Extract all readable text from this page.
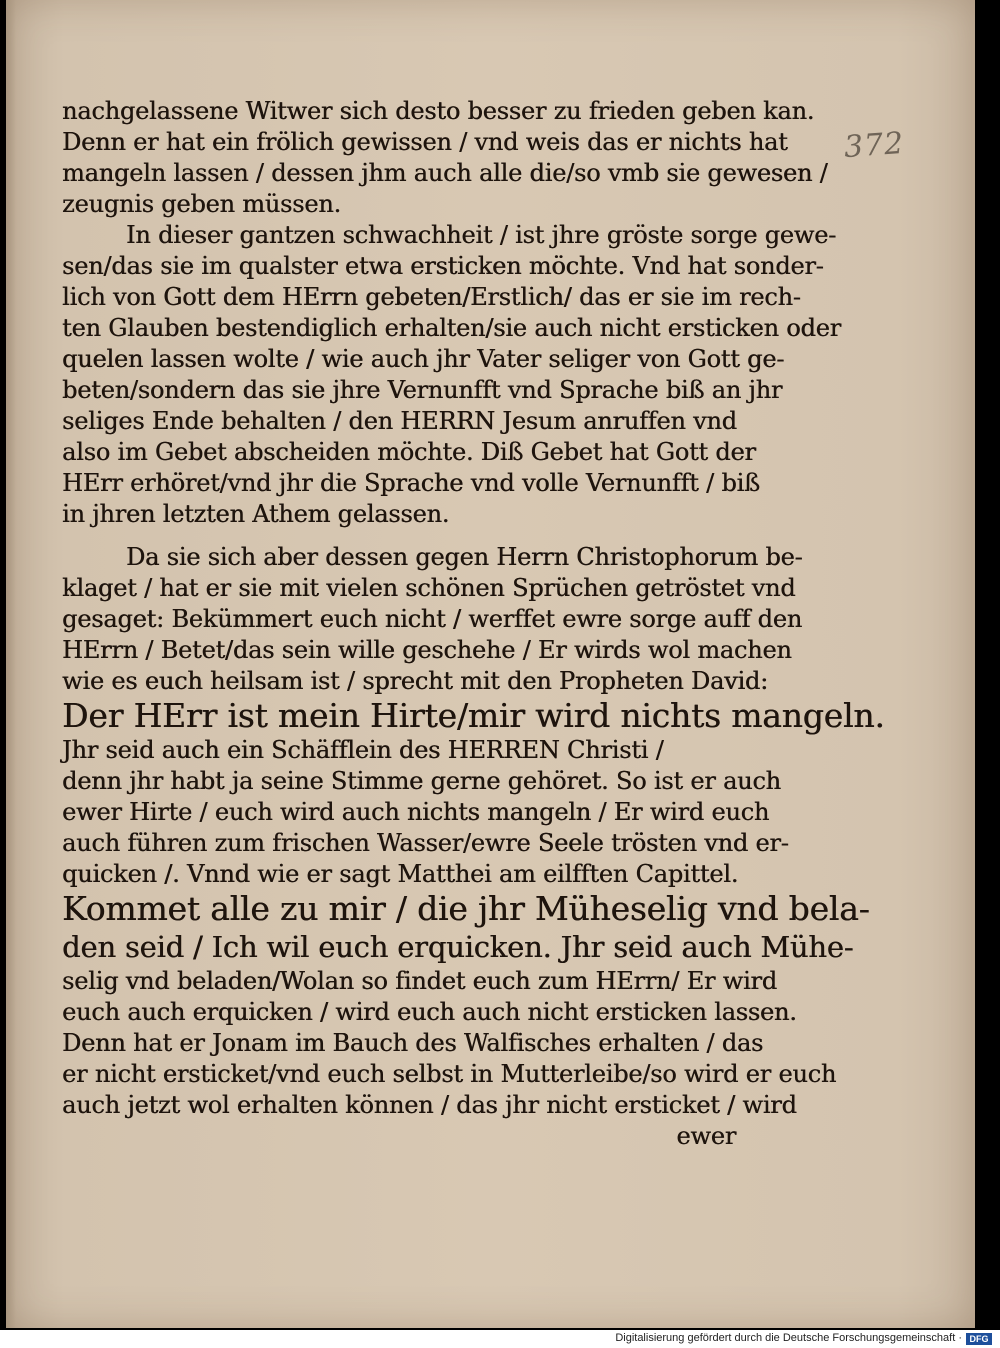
372
nachgelassene Witwer sich desto besser zu frieden geben kan.
Denn er hat ein frölich gewissen / vnd weis das er nichts hat
mangeln lassen / dessen jhm auch alle die/so vmb sie gewesen /
zeugnis geben müssen.
In dieser gantzen schwachheit / ist jhre gröste sorge gewe-
sen/das sie im qualster etwa ersticken möchte. Vnd hat sonder-
lich von Gott dem HErrn gebeten/Erstlich/ das er sie im rech-
ten Glauben bestendiglich erhalten/sie auch nicht ersticken oder
quelen lassen wolte / wie auch jhr Vater seliger von Gott ge-
beten/sondern das sie jhre Vernunfft vnd Sprache biß an jhr
seliges Ende behalten / den HERRN Jesum anruffen vnd
also im Gebet abscheiden möchte. Diß Gebet hat Gott der
HErr erhöret/vnd jhr die Sprache vnd volle Vernunfft / biß
in jhren letzten Athem gelassen.
Da sie sich aber dessen gegen Herrn Christophorum be-
klaget / hat er sie mit vielen schönen Sprüchen getröstet vnd
gesaget: Bekümmert euch nicht / werffet ewre sorge auff den
HErrn / Betet/das sein wille geschehe / Er wirds wol machen
wie es euch heilsam ist / sprecht mit den Propheten David:
Der HErr ist mein Hirte/mir wird nichts mangeln.
Jhr seid auch ein Schäfflein des HERREN Christi /
denn jhr habt ja seine Stimme gerne gehöret. So ist er auch
ewer Hirte / euch wird auch nichts mangeln / Er wird euch
auch führen zum frischen Wasser/ewre Seele trösten vnd er-
quicken /. Vnnd wie er sagt Matthei am eilfften Capittel.
Kommet alle zu mir / die jhr Müheselig vnd bela-
den seid / Ich wil euch erquicken. Jhr seid auch Mühe-
selig vnd beladen/Wolan so findet euch zum HErrn/ Er wird
euch auch erquicken / wird euch auch nicht ersticken lassen.
Denn hat er Jonam im Bauch des Walfisches erhalten / das
er nicht ersticket/vnd euch selbst in Mutterleibe/so wird er euch
auch jetzt wol erhalten können / das jhr nicht ersticket / wird
ewer
Digitalisierung gefördert durch die Deutsche Forschungsgemeinschaft · DFG
